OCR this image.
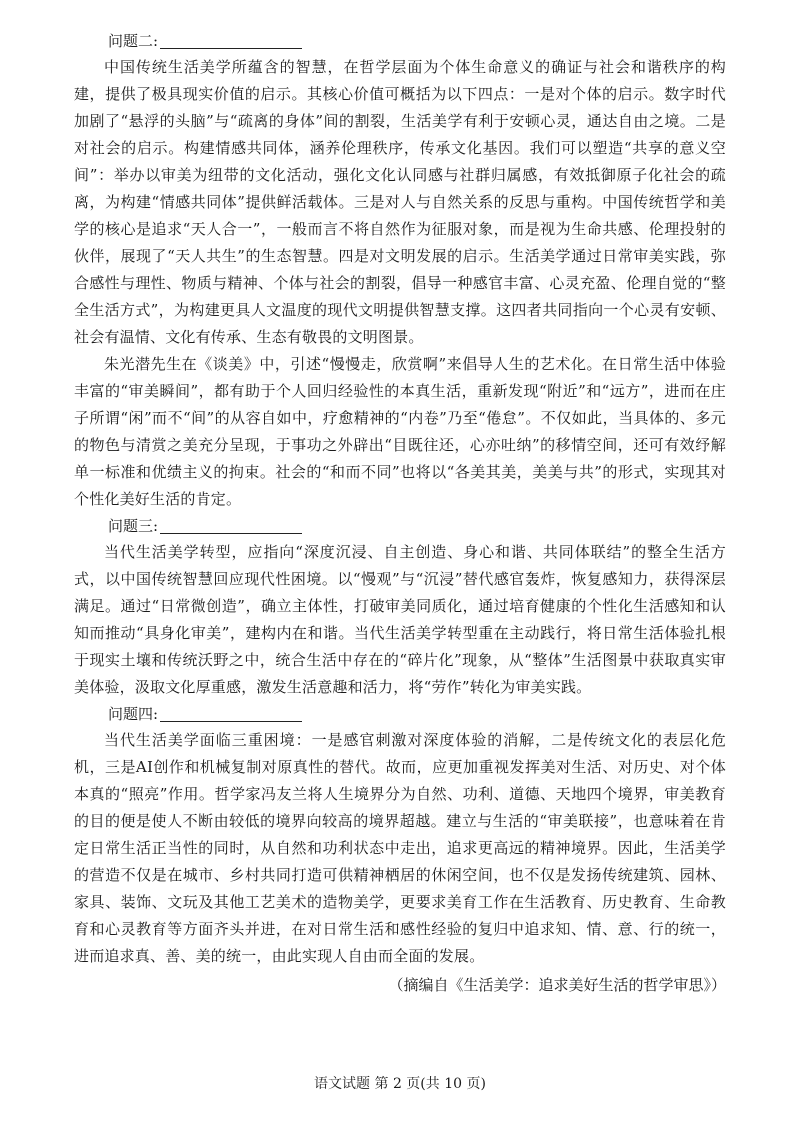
问题二:

中国传统生活美学所蕴含的智慧，在哲学层面为个体生命意义的确证与社会和谐秩序的构建，提供了极具现实价值的启示。其核心价值可概括为以下四点：一是对个体的启示。数字时代加剧了“悬浮的头脑”与“疏离的身体”间的割裂，生活美学有利于安顿心灵，通达自由之境。二是对社会的启示。构建情感共同体，涵养伦理秩序，传承文化基因。我们可以塑造“共享的意义空间”：举办以审美为纽带的文化活动，强化文化认同感与社群归属感，有效抵御原子化社会的疏离，为构建“情感共同体”提供鲜活载体。三是对人与自然关系的反思与重构。中国传统哲学和美学的核心是追求“天人合一”，一般而言不将自然作为征服对象，而是视为生命共感、伦理投射的伙伴，展现了“天人共生”的生态智慧。四是对文明发展的启示。生活美学通过日常审美实践，弥合感性与理性、物质与精神、个体与社会的割裂，倡导一种感官丰富、心灵充盈、伦理自觉的“整全生活方式”，为构建更具人文温度的现代文明提供智慧支撑。这四者共同指向一个心灵有安顿、社会有温情、文化有传承、生态有敬畏的文明图景。

朱光潜先生在《谈美》中，引述“慢慢走，欣赏啊”来倡导人生的艺术化。在日常生活中体验丰富的“审美瞬间”，都有助于个人回归经验性的本真生活，重新发现“附近”和“远方”，进而在庄子所谓“闲”而不“间”的从容自如中，疗愈精神的“内卷”乃至“倦怠”。不仅如此，当具体的、多元的物色与清赏之美充分呈现，于事功之外辟出“目既往还，心亦吐纳”的移情空间，还可有效纾解单一标准和优绩主义的拘束。社会的“和而不同”也将以“各美其美，美美与共”的形式，实现其对个性化美好生活的肯定。

问题三:

当代生活美学转型，应指向“深度沉浸、自主创造、身心和谐、共同体联结”的整全生活方式，以中国传统智慧回应现代性困境。以“慢观”与“沉浸”替代感官轰炸，恢复感知力，获得深层满足。通过“日常微创造”，确立主体性，打破审美同质化，通过培育健康的个性化生活感知和认知而推动“具身化审美”，建构内在和谐。当代生活美学转型重在主动践行，将日常生活体验扎根于现实土壤和传统沃野之中，统合生活中存在的“碎片化”现象，从“整体”生活图景中获取真实审美体验，汲取文化厚重感，激发生活意趣和活力，将“劳作”转化为审美实践。

问题四:

当代生活美学面临三重困境：一是感官刺激对深度体验的消解，二是传统文化的表层化危机，三是AI创作和机械复制对原真性的替代。故而，应更加重视发挥美对生活、对历史、对个体本真的“照亮”作用。哲学家冯友兰将人生境界分为自然、功利、道德、天地四个境界，审美教育的目的便是使人不断由较低的境界向较高的境界超越。建立与生活的“审美联接”，也意味着在肯定日常生活正当性的同时，从自然和功利状态中走出，追求更高远的精神境界。因此，生活美学的营造不仅是在城市、乡村共同打造可供精神栖居的休闲空间，也不仅是发扬传统建筑、园林、家具、装饰、文玩及其他工艺美术的造物美学，更要求美育工作在生活教育、历史教育、生命教育和心灵教育等方面齐头并进，在对日常生活和感性经验的复归中追求知、情、意、行的统一，进而追求真、善、美的统一，由此实现人自由而全面的发展。

（摘编自《生活美学：追求美好生活的哲学审思》）

语文试题 第 2 页(共 10 页)
